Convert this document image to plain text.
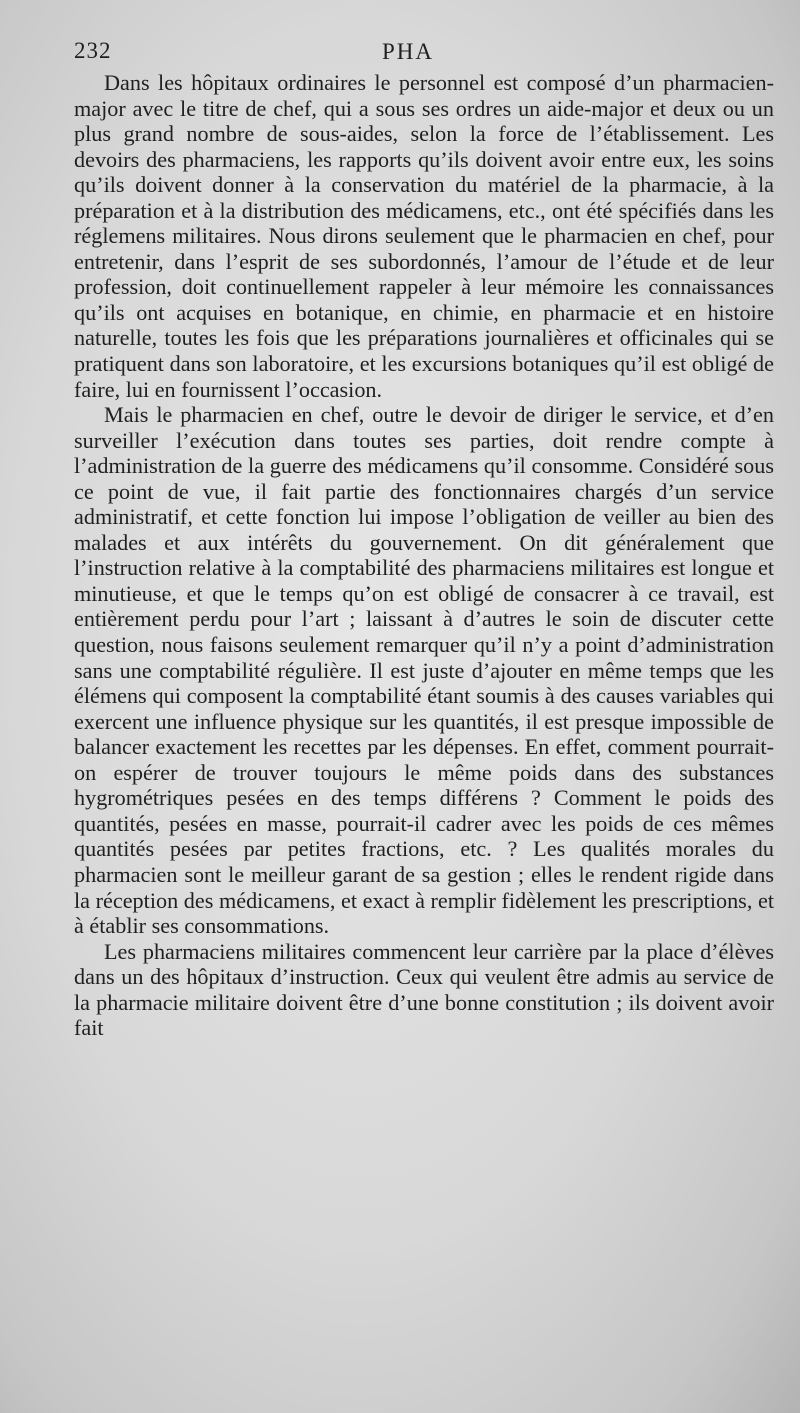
232	PHA

Dans les hôpitaux ordinaires le personnel est composé d’un pharmacien-major avec le titre de chef, qui a sous ses ordres un aide-major et deux ou un plus grand nombre de sous-aides, selon la force de l’établissement. Les devoirs des pharmaciens, les rapports qu’ils doivent avoir entre eux, les soins qu’ils doivent donner à la conservation du matériel de la pharmacie, à la préparation et à la distribution des médicamens, etc., ont été spécifiés dans les réglemens militaires. Nous dirons seulement que le pharmacien en chef, pour entretenir, dans l’esprit de ses subordonnés, l’amour de l’étude et de leur profession, doit continuellement rappeler à leur mémoire les connaissances qu’ils ont acquises en botanique, en chimie, en pharmacie et en histoire naturelle, toutes les fois que les préparations journalières et officinales qui se pratiquent dans son laboratoire, et les excursions botaniques qu’il est obligé de faire, lui en fournissent l’occasion.

Mais le pharmacien en chef, outre le devoir de diriger le service, et d’en surveiller l’exécution dans toutes ses parties, doit rendre compte à l’administration de la guerre des médicamens qu’il consomme. Considéré sous ce point de vue, il fait partie des fonctionnaires chargés d’un service administratif, et cette fonction lui impose l’obligation de veiller au bien des malades et aux intérêts du gouvernement. On dit généralement que l’instruction relative à la comptabilité des pharmaciens militaires est longue et minutieuse, et que le temps qu’on est obligé de consacrer à ce travail, est entièrement perdu pour l’art ; laissant à d’autres le soin de discuter cette question, nous faisons seulement remarquer qu’il n’y a point d’administration sans une comptabilité régulière. Il est juste d’ajouter en même temps que les élémens qui composent la comptabilité étant soumis à des causes variables qui exercent une influence physique sur les quantités, il est presque impossible de balancer exactement les recettes par les dépenses. En effet, comment pourrait-on espérer de trouver toujours le même poids dans des substances hygrométriques pesées en des temps différens ? Comment le poids des quantités, pesées en masse, pourrait-il cadrer avec les poids de ces mêmes quantités pesées par petites fractions, etc. ? Les qualités morales du pharmacien sont le meilleur garant de sa gestion ; elles le rendent rigide dans la réception des médicamens, et exact à remplir fidèlement les prescriptions, et à établir ses consommations.

Les pharmaciens militaires commencent leur carrière par la place d’élèves dans un des hôpitaux d’instruction. Ceux qui veulent être admis au service de la pharmacie militaire doivent être d’une bonne constitution ; ils doivent avoir fait
